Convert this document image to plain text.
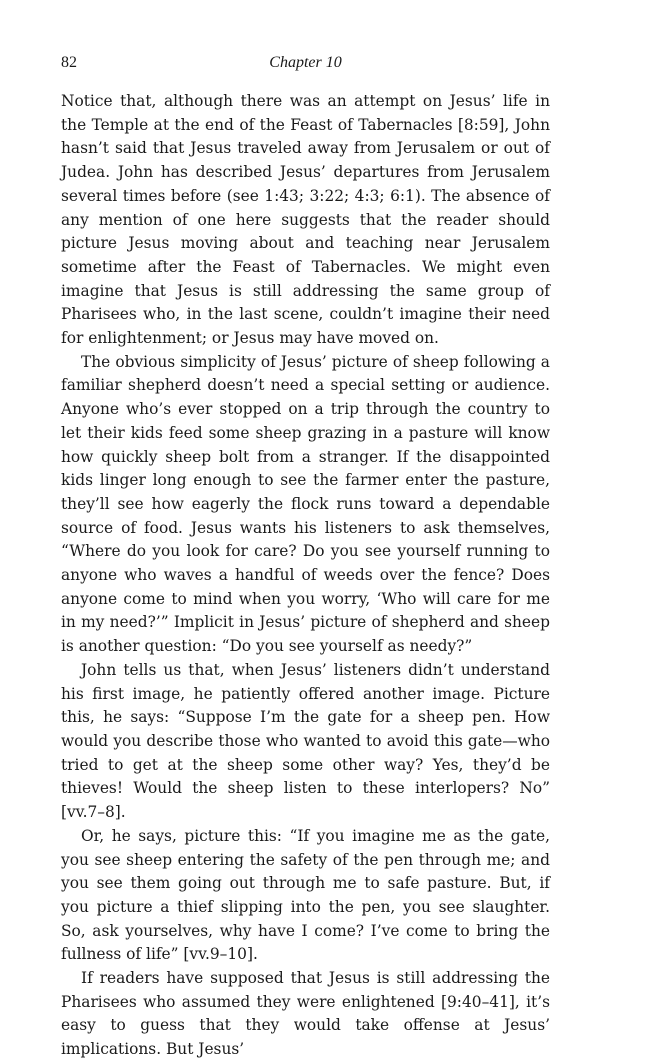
82	Chapter 10

Notice that, although there was an attempt on Jesus’ life in the Temple at the end of the Feast of Tabernacles [8:59], John hasn’t said that Jesus traveled away from Jerusalem or out of Judea. John has described Jesus’ departures from Jerusalem several times before (see 1:43; 3:22; 4:3; 6:1). The absence of any mention of one here suggests that the reader should picture Jesus moving about and teaching near Jerusalem sometime after the Feast of Tabernacles. We might even imagine that Jesus is still addressing the same group of Pharisees who, in the last scene, couldn’t imagine their need for enlightenment; or Jesus may have moved on.

The obvious simplicity of Jesus’ picture of sheep following a familiar shepherd doesn’t need a special setting or audience. Anyone who’s ever stopped on a trip through the country to let their kids feed some sheep grazing in a pasture will know how quickly sheep bolt from a stranger. If the disappointed kids linger long enough to see the farmer enter the pasture, they’ll see how eagerly the flock runs toward a dependable source of food. Jesus wants his listeners to ask themselves, “Where do you look for care? Do you see yourself running to anyone who waves a handful of weeds over the fence? Does anyone come to mind when you worry, ‘Who will care for me in my need?’” Implicit in Jesus’ picture of shepherd and sheep is another question: “Do you see yourself as needy?”

John tells us that, when Jesus’ listeners didn’t understand his first image, he patiently offered another image. Picture this, he says: “Suppose I’m the gate for a sheep pen. How would you describe those who wanted to avoid this gate—who tried to get at the sheep some other way? Yes, they’d be thieves! Would the sheep listen to these interlopers? No” [vv.7–8].

Or, he says, picture this: “If you imagine me as the gate, you see sheep entering the safety of the pen through me; and you see them going out through me to safe pasture. But, if you picture a thief slipping into the pen, you see slaughter. So, ask yourselves, why have I come? I’ve come to bring the fullness of life” [vv.9–10].

If readers have supposed that Jesus is still addressing the Pharisees who assumed they were enlightened [9:40–41], it’s easy to guess that they would take offense at Jesus’ implications. But Jesus’
